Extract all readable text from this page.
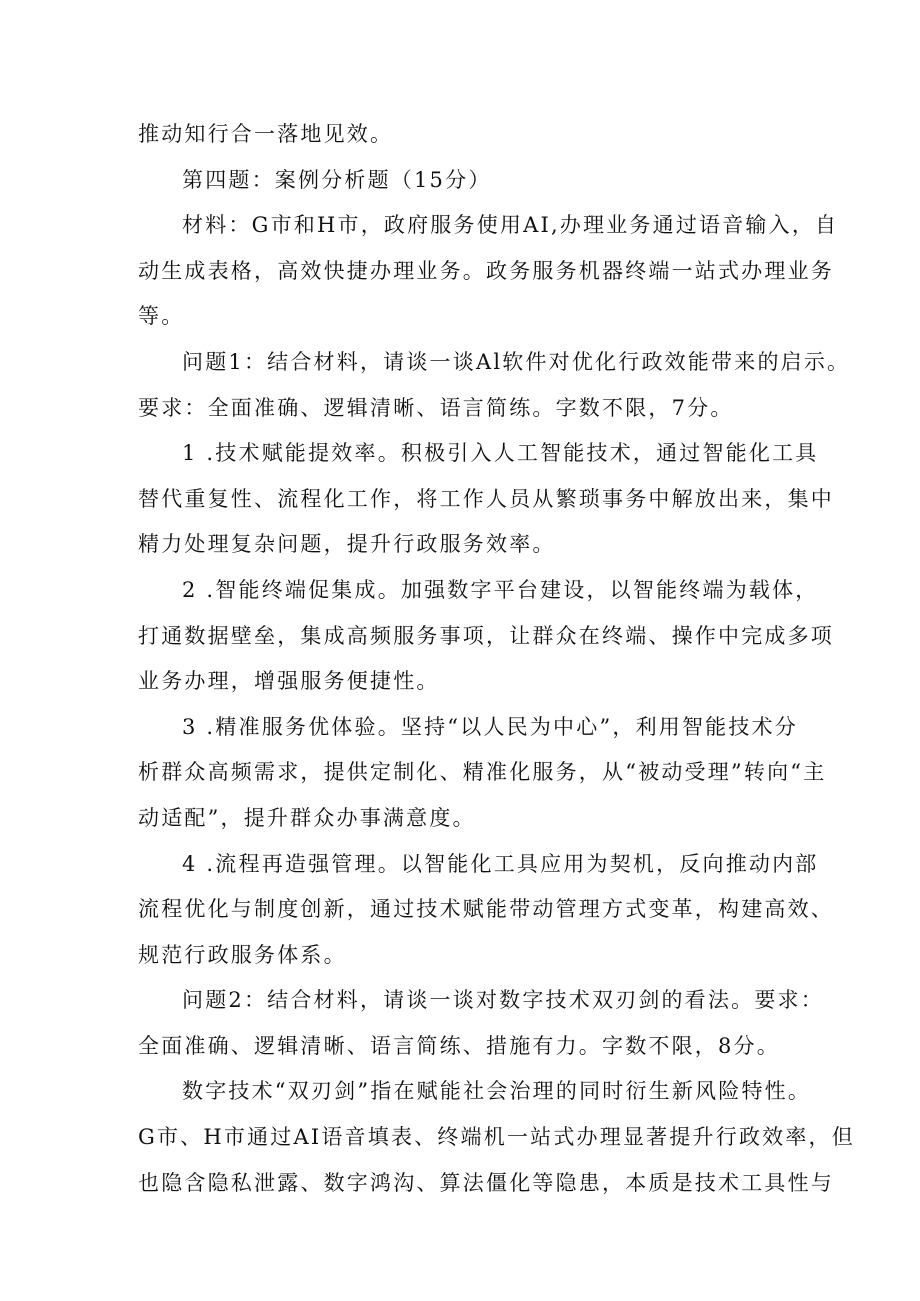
推动知行合一落地见效。
第四题：案例分析题（15分）
材料：G市和H市，政府服务使用AI,办理业务通过语音输入，自
动生成表格，高效快捷办理业务。政务服务机器终端一站式办理业务
等。
问题1：结合材料，请谈一谈Al软件对优化行政效能带来的启示。
要求：全面准确、逻辑清晰、语言简练。字数不限，7分。
1 .技术赋能提效率。积极引入人工智能技术，通过智能化工具
替代重复性、流程化工作，将工作人员从繁琐事务中解放出来，集中
精力处理复杂问题，提升行政服务效率。
2 .智能终端促集成。加强数字平台建设，以智能终端为载体，
打通数据壁垒，集成高频服务事项，让群众在终端、操作中完成多项
业务办理，增强服务便捷性。
3 .精准服务优体验。坚持“以人民为中心”，利用智能技术分
析群众高频需求，提供定制化、精准化服务，从“被动受理”转向“主
动适配”，提升群众办事满意度。
4 .流程再造强管理。以智能化工具应用为契机，反向推动内部
流程优化与制度创新，通过技术赋能带动管理方式变革，构建高效、
规范行政服务体系。
问题2：结合材料，请谈一谈对数字技术双刃剑的看法。要求：
全面准确、逻辑清晰、语言简练、措施有力。字数不限，8分。
数字技术“双刃剑”指在赋能社会治理的同时衍生新风险特性。
G市、H市通过AI语音填表、终端机一站式办理显著提升行政效率，但
也隐含隐私泄露、数字鸿沟、算法僵化等隐患，本质是技术工具性与
